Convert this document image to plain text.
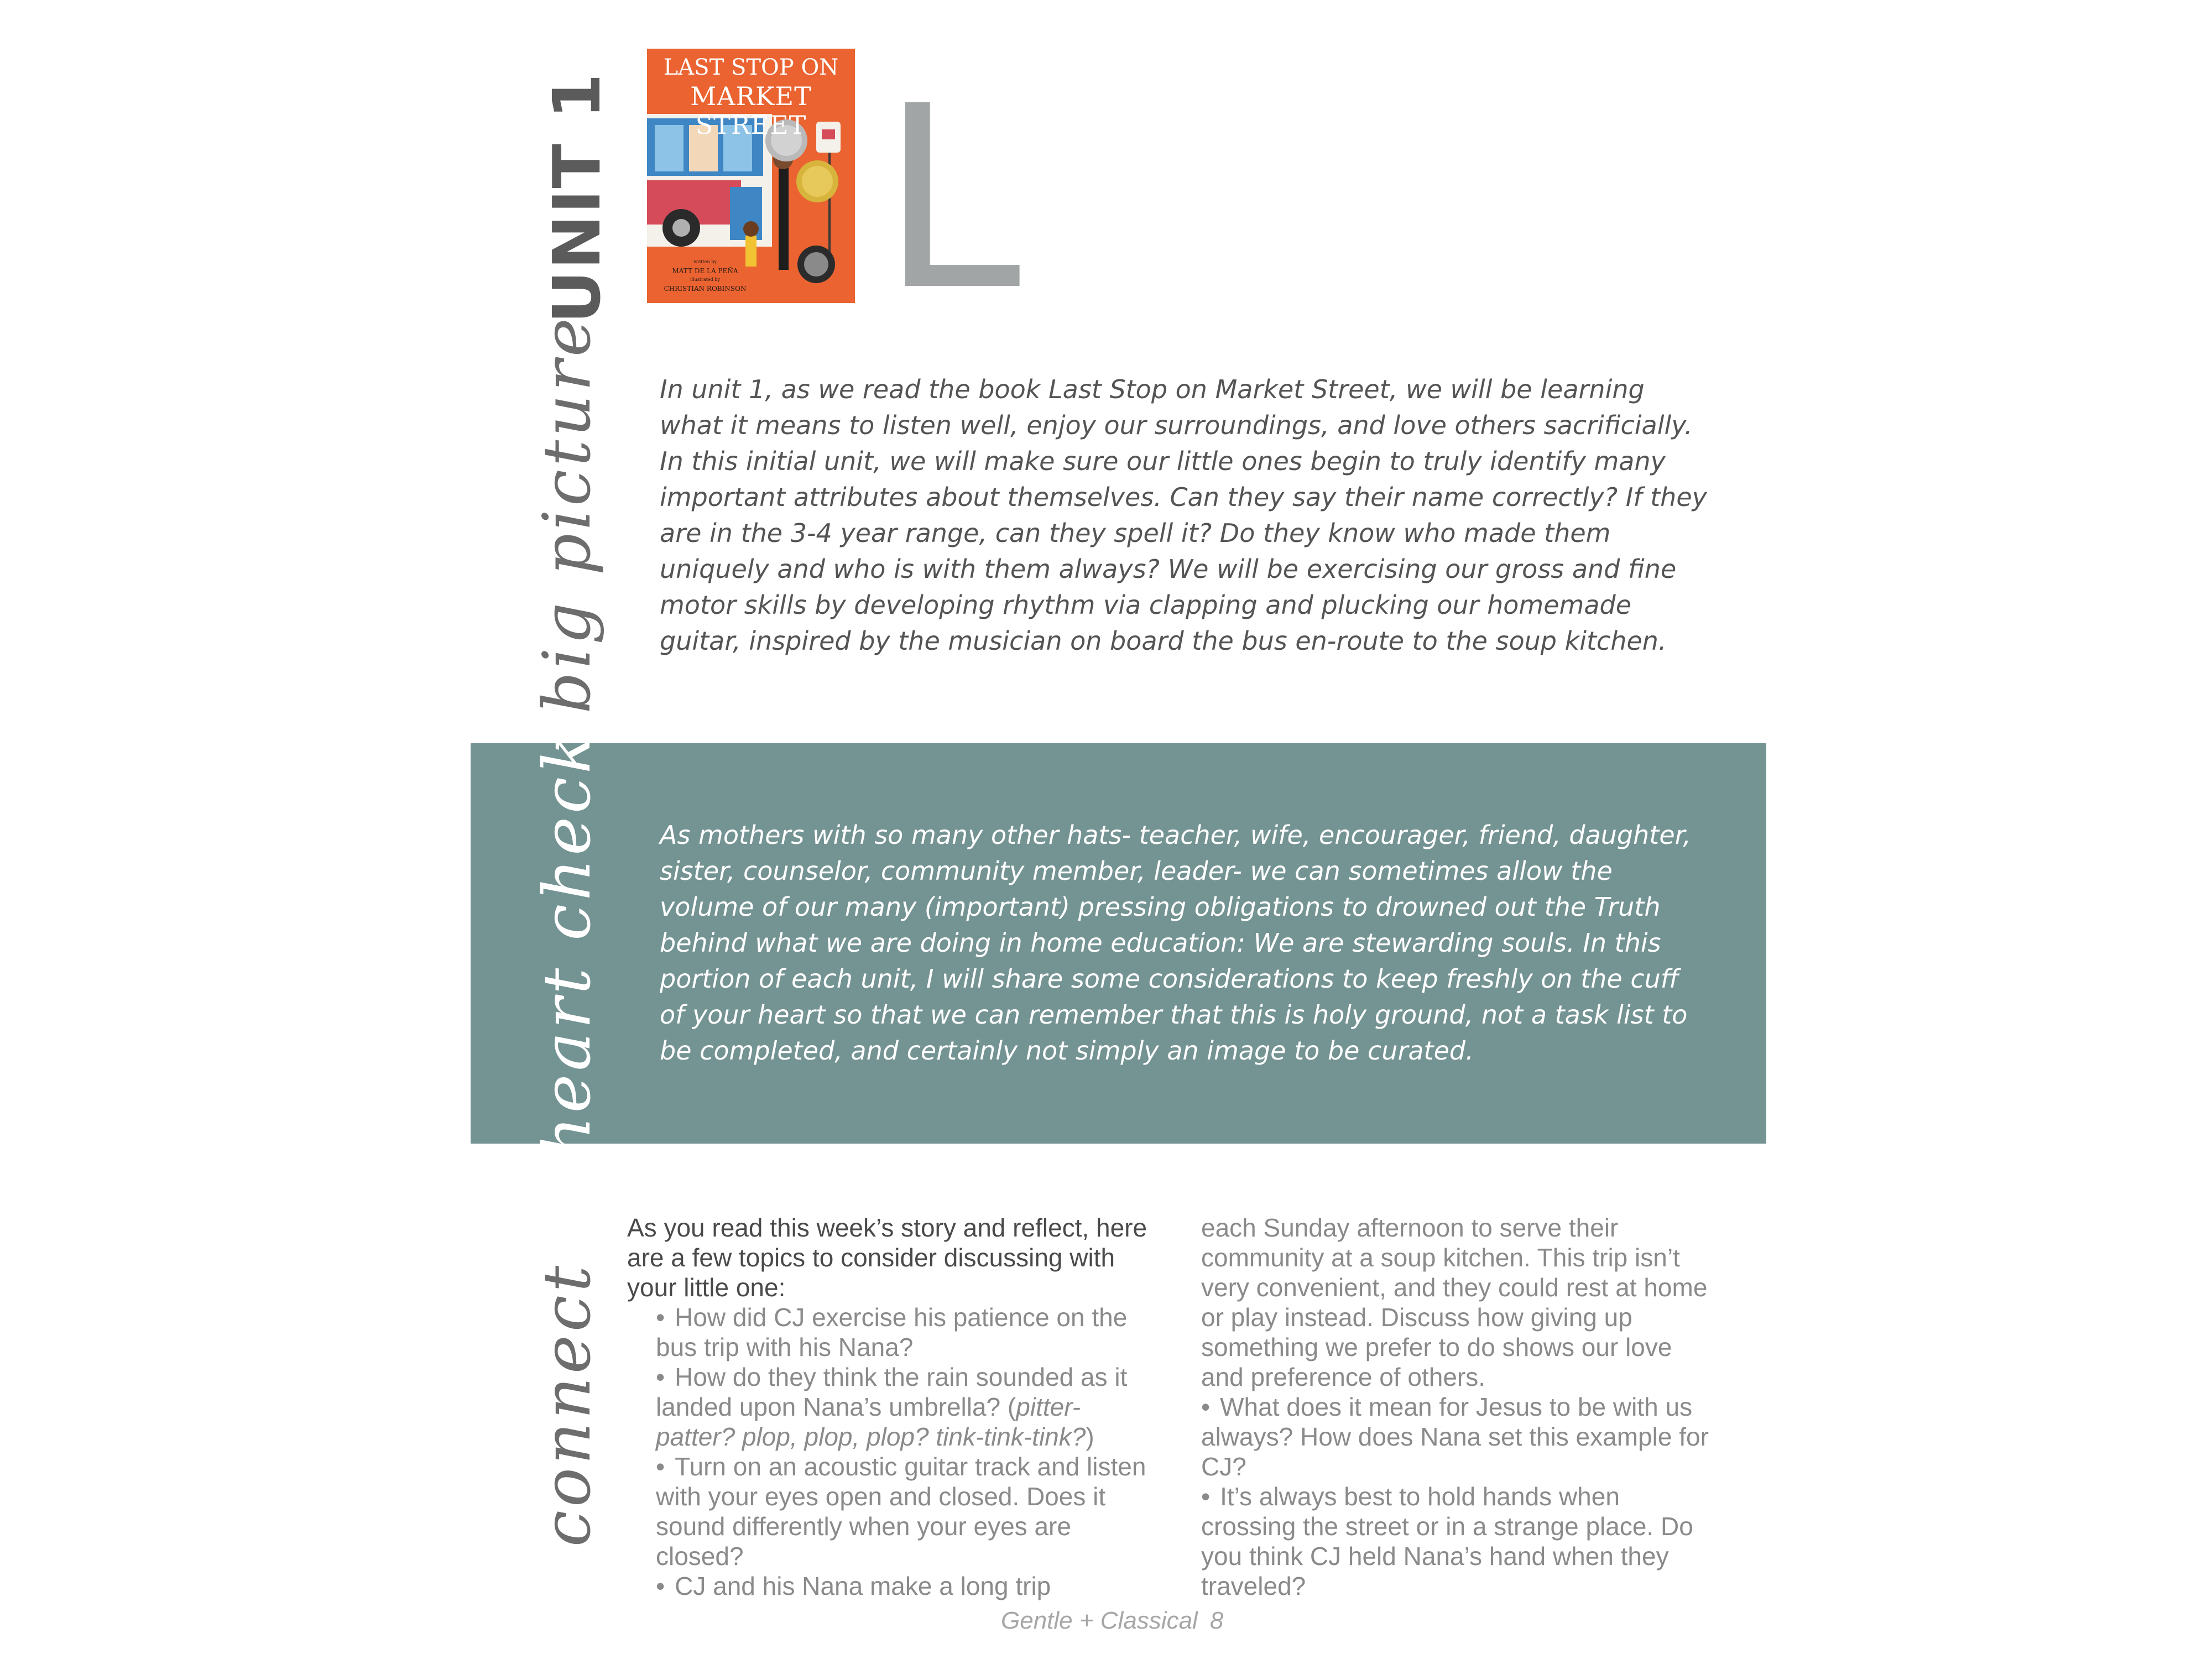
UNIT 1
LAST STOP ON
MARKET STREET
written by
MATT DE LA PEÑA
illustrated by
CHRISTIAN ROBINSON L
big picture In unit 1, as we read the book Last Stop on Market Street, we will be learning what it means to listen well, enjoy our surroundings, and love others sacrificially. In this initial unit, we will make sure our little ones begin to truly identify many important attributes about themselves. Can they say their name correctly? If they are in the 3-4 year range, can they spell it? Do they know who made them uniquely and who is with them always? We will be exercising our gross and fine motor skills by developing rhythm via clapping and plucking our homemade guitar, inspired by the musician on board the bus en-route to the soup kitchen.

heart check As mothers with so many other hats- teacher, wife, encourager, friend, daughter, sister, counselor, community member, leader- we can sometimes allow the volume of our many (important) pressing obligations to drowned out the Truth behind what we are doing in home education: We are stewarding souls. In this portion of each unit, I will share some considerations to keep freshly on the cuff of your heart so that we can remember that this is holy ground, not a task list to be completed, and certainly not simply an image to be curated.

connect
As you read this week’s story and reflect, here are a few topics to consider discussing with your little one:
• How did CJ exercise his patience on the bus trip with his Nana?
• How do they think the rain sounded as it landed upon Nana’s umbrella? (pitter-patter? plop, plop, plop? tink-tink-tink?)
• Turn on an acoustic guitar track and listen with your eyes open and closed. Does it sound differently when your eyes are closed?
• CJ and his Nana make a long trip
each Sunday afternoon to serve their community at a soup kitchen. This trip isn’t very convenient, and they could rest at home or play instead. Discuss how giving up something we prefer to do shows our love and preference of others.
• What does it mean for Jesus to be with us always? How does Nana set this example for CJ?
• It’s always best to hold hands when crossing the street or in a strange place. Do you think CJ held Nana’s hand when they traveled?
Gentle + Classical 8
